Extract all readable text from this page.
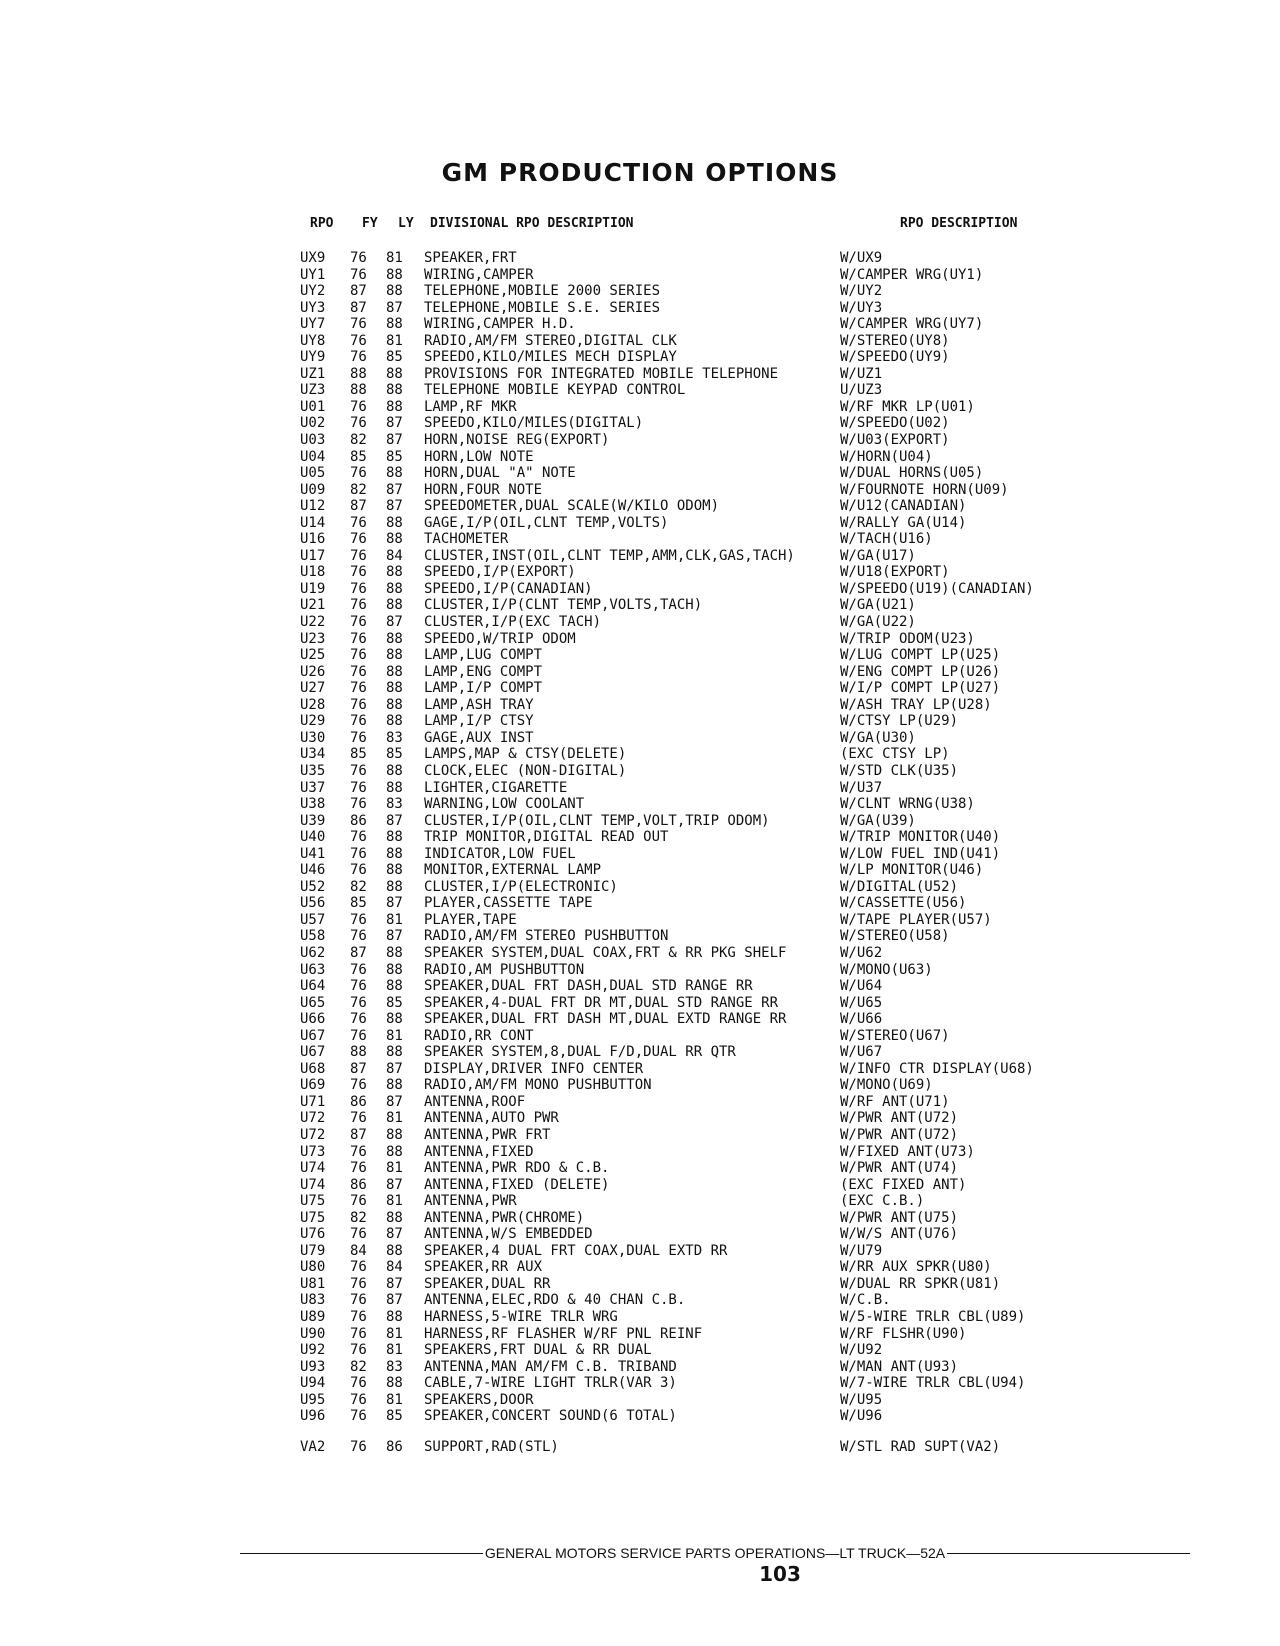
GM PRODUCTION OPTIONS
RPO FY LY DIVISIONAL RPO DESCRIPTION	RPO DESCRIPTION
UX9	76	81	SPEAKER,FRT	W/UX9
UY1	76	88	WIRING,CAMPER	W/CAMPER WRG(UY1)
UY2	87	88	TELEPHONE,MOBILE 2000 SERIES	W/UY2
UY3	87	87	TELEPHONE,MOBILE S.E. SERIES	W/UY3
UY7	76	88	WIRING,CAMPER H.D.	W/CAMPER WRG(UY7)
UY8	76	81	RADIO,AM/FM STEREO,DIGITAL CLK	W/STEREO(UY8)
UY9	76	85	SPEEDO,KILO/MILES MECH DISPLAY	W/SPEEDO(UY9)
UZ1	88	88	PROVISIONS FOR INTEGRATED MOBILE TELEPHONE	W/UZ1
UZ3	88	88	TELEPHONE MOBILE KEYPAD CONTROL	U/UZ3
U01	76	88	LAMP,RF MKR	W/RF MKR LP(U01)
U02	76	87	SPEEDO,KILO/MILES(DIGITAL)	W/SPEEDO(U02)
U03	82	87	HORN,NOISE REG(EXPORT)	W/U03(EXPORT)
U04	85	85	HORN,LOW NOTE	W/HORN(U04)
U05	76	88	HORN,DUAL "A" NOTE	W/DUAL HORNS(U05)
U09	82	87	HORN,FOUR NOTE	W/FOURNOTE HORN(U09)
U12	87	87	SPEEDOMETER,DUAL SCALE(W/KILO ODOM)	W/U12(CANADIAN)
U14	76	88	GAGE,I/P(OIL,CLNT TEMP,VOLTS)	W/RALLY GA(U14)
U16	76	88	TACHOMETER	W/TACH(U16)
U17	76	84	CLUSTER,INST(OIL,CLNT TEMP,AMM,CLK,GAS,TACH)	W/GA(U17)
U18	76	88	SPEEDO,I/P(EXPORT)	W/U18(EXPORT)
U19	76	88	SPEEDO,I/P(CANADIAN)	W/SPEEDO(U19)(CANADIAN)
U21	76	88	CLUSTER,I/P(CLNT TEMP,VOLTS,TACH)	W/GA(U21)
U22	76	87	CLUSTER,I/P(EXC TACH)	W/GA(U22)
U23	76	88	SPEEDO,W/TRIP ODOM	W/TRIP ODOM(U23)
U25	76	88	LAMP,LUG COMPT	W/LUG COMPT LP(U25)
U26	76	88	LAMP,ENG COMPT	W/ENG COMPT LP(U26)
U27	76	88	LAMP,I/P COMPT	W/I/P COMPT LP(U27)
U28	76	88	LAMP,ASH TRAY	W/ASH TRAY LP(U28)
U29	76	88	LAMP,I/P CTSY	W/CTSY LP(U29)
U30	76	83	GAGE,AUX INST	W/GA(U30)
U34	85	85	LAMPS,MAP & CTSY(DELETE)	(EXC CTSY LP)
U35	76	88	CLOCK,ELEC (NON-DIGITAL)	W/STD CLK(U35)
U37	76	88	LIGHTER,CIGARETTE	W/U37
U38	76	83	WARNING,LOW COOLANT	W/CLNT WRNG(U38)
U39	86	87	CLUSTER,I/P(OIL,CLNT TEMP,VOLT,TRIP ODOM)	W/GA(U39)
U40	76	88	TRIP MONITOR,DIGITAL READ OUT	W/TRIP MONITOR(U40)
U41	76	88	INDICATOR,LOW FUEL	W/LOW FUEL IND(U41)
U46	76	88	MONITOR,EXTERNAL LAMP	W/LP MONITOR(U46)
U52	82	88	CLUSTER,I/P(ELECTRONIC)	W/DIGITAL(U52)
U56	85	87	PLAYER,CASSETTE TAPE	W/CASSETTE(U56)
U57	76	81	PLAYER,TAPE	W/TAPE PLAYER(U57)
U58	76	87	RADIO,AM/FM STEREO PUSHBUTTON	W/STEREO(U58)
U62	87	88	SPEAKER SYSTEM,DUAL COAX,FRT & RR PKG SHELF	W/U62
U63	76	88	RADIO,AM PUSHBUTTON	W/MONO(U63)
U64	76	88	SPEAKER,DUAL FRT DASH,DUAL STD RANGE RR	W/U64
U65	76	85	SPEAKER,4-DUAL FRT DR MT,DUAL STD RANGE RR	W/U65
U66	76	88	SPEAKER,DUAL FRT DASH MT,DUAL EXTD RANGE RR	W/U66
U67	76	81	RADIO,RR CONT	W/STEREO(U67)
U67	88	88	SPEAKER SYSTEM,8,DUAL F/D,DUAL RR QTR	W/U67
U68	87	87	DISPLAY,DRIVER INFO CENTER	W/INFO CTR DISPLAY(U68)
U69	76	88	RADIO,AM/FM MONO PUSHBUTTON	W/MONO(U69)
U71	86	87	ANTENNA,ROOF	W/RF ANT(U71)
U72	76	81	ANTENNA,AUTO PWR	W/PWR ANT(U72)
U72	87	88	ANTENNA,PWR FRT	W/PWR ANT(U72)
U73	76	88	ANTENNA,FIXED	W/FIXED ANT(U73)
U74	76	81	ANTENNA,PWR RDO & C.B.	W/PWR ANT(U74)
U74	86	87	ANTENNA,FIXED (DELETE)	(EXC FIXED ANT)
U75	76	81	ANTENNA,PWR	(EXC C.B.)
U75	82	88	ANTENNA,PWR(CHROME)	W/PWR ANT(U75)
U76	76	87	ANTENNA,W/S EMBEDDED	W/W/S ANT(U76)
U79	84	88	SPEAKER,4 DUAL FRT COAX,DUAL EXTD RR	W/U79
U80	76	84	SPEAKER,RR AUX	W/RR AUX SPKR(U80)
U81	76	87	SPEAKER,DUAL RR	W/DUAL RR SPKR(U81)
U83	76	87	ANTENNA,ELEC,RDO & 40 CHAN C.B.	W/C.B.
U89	76	88	HARNESS,5-WIRE TRLR WRG	W/5-WIRE TRLR CBL(U89)
U90	76	81	HARNESS,RF FLASHER W/RF PNL REINF	W/RF FLSHR(U90)
U92	76	81	SPEAKERS,FRT DUAL & RR DUAL	W/U92
U93	82	83	ANTENNA,MAN AM/FM C.B. TRIBAND	W/MAN ANT(U93)
U94	76	88	CABLE,7-WIRE LIGHT TRLR(VAR 3)	W/7-WIRE TRLR CBL(U94)
U95	76	81	SPEAKERS,DOOR	W/U95
U96	76	85	SPEAKER,CONCERT SOUND(6 TOTAL)	W/U96
VA2	76	86	SUPPORT,RAD(STL)	W/STL RAD SUPT(VA2)
GENERAL MOTORS SERVICE PARTS OPERATIONS—LT TRUCK—52A
103
